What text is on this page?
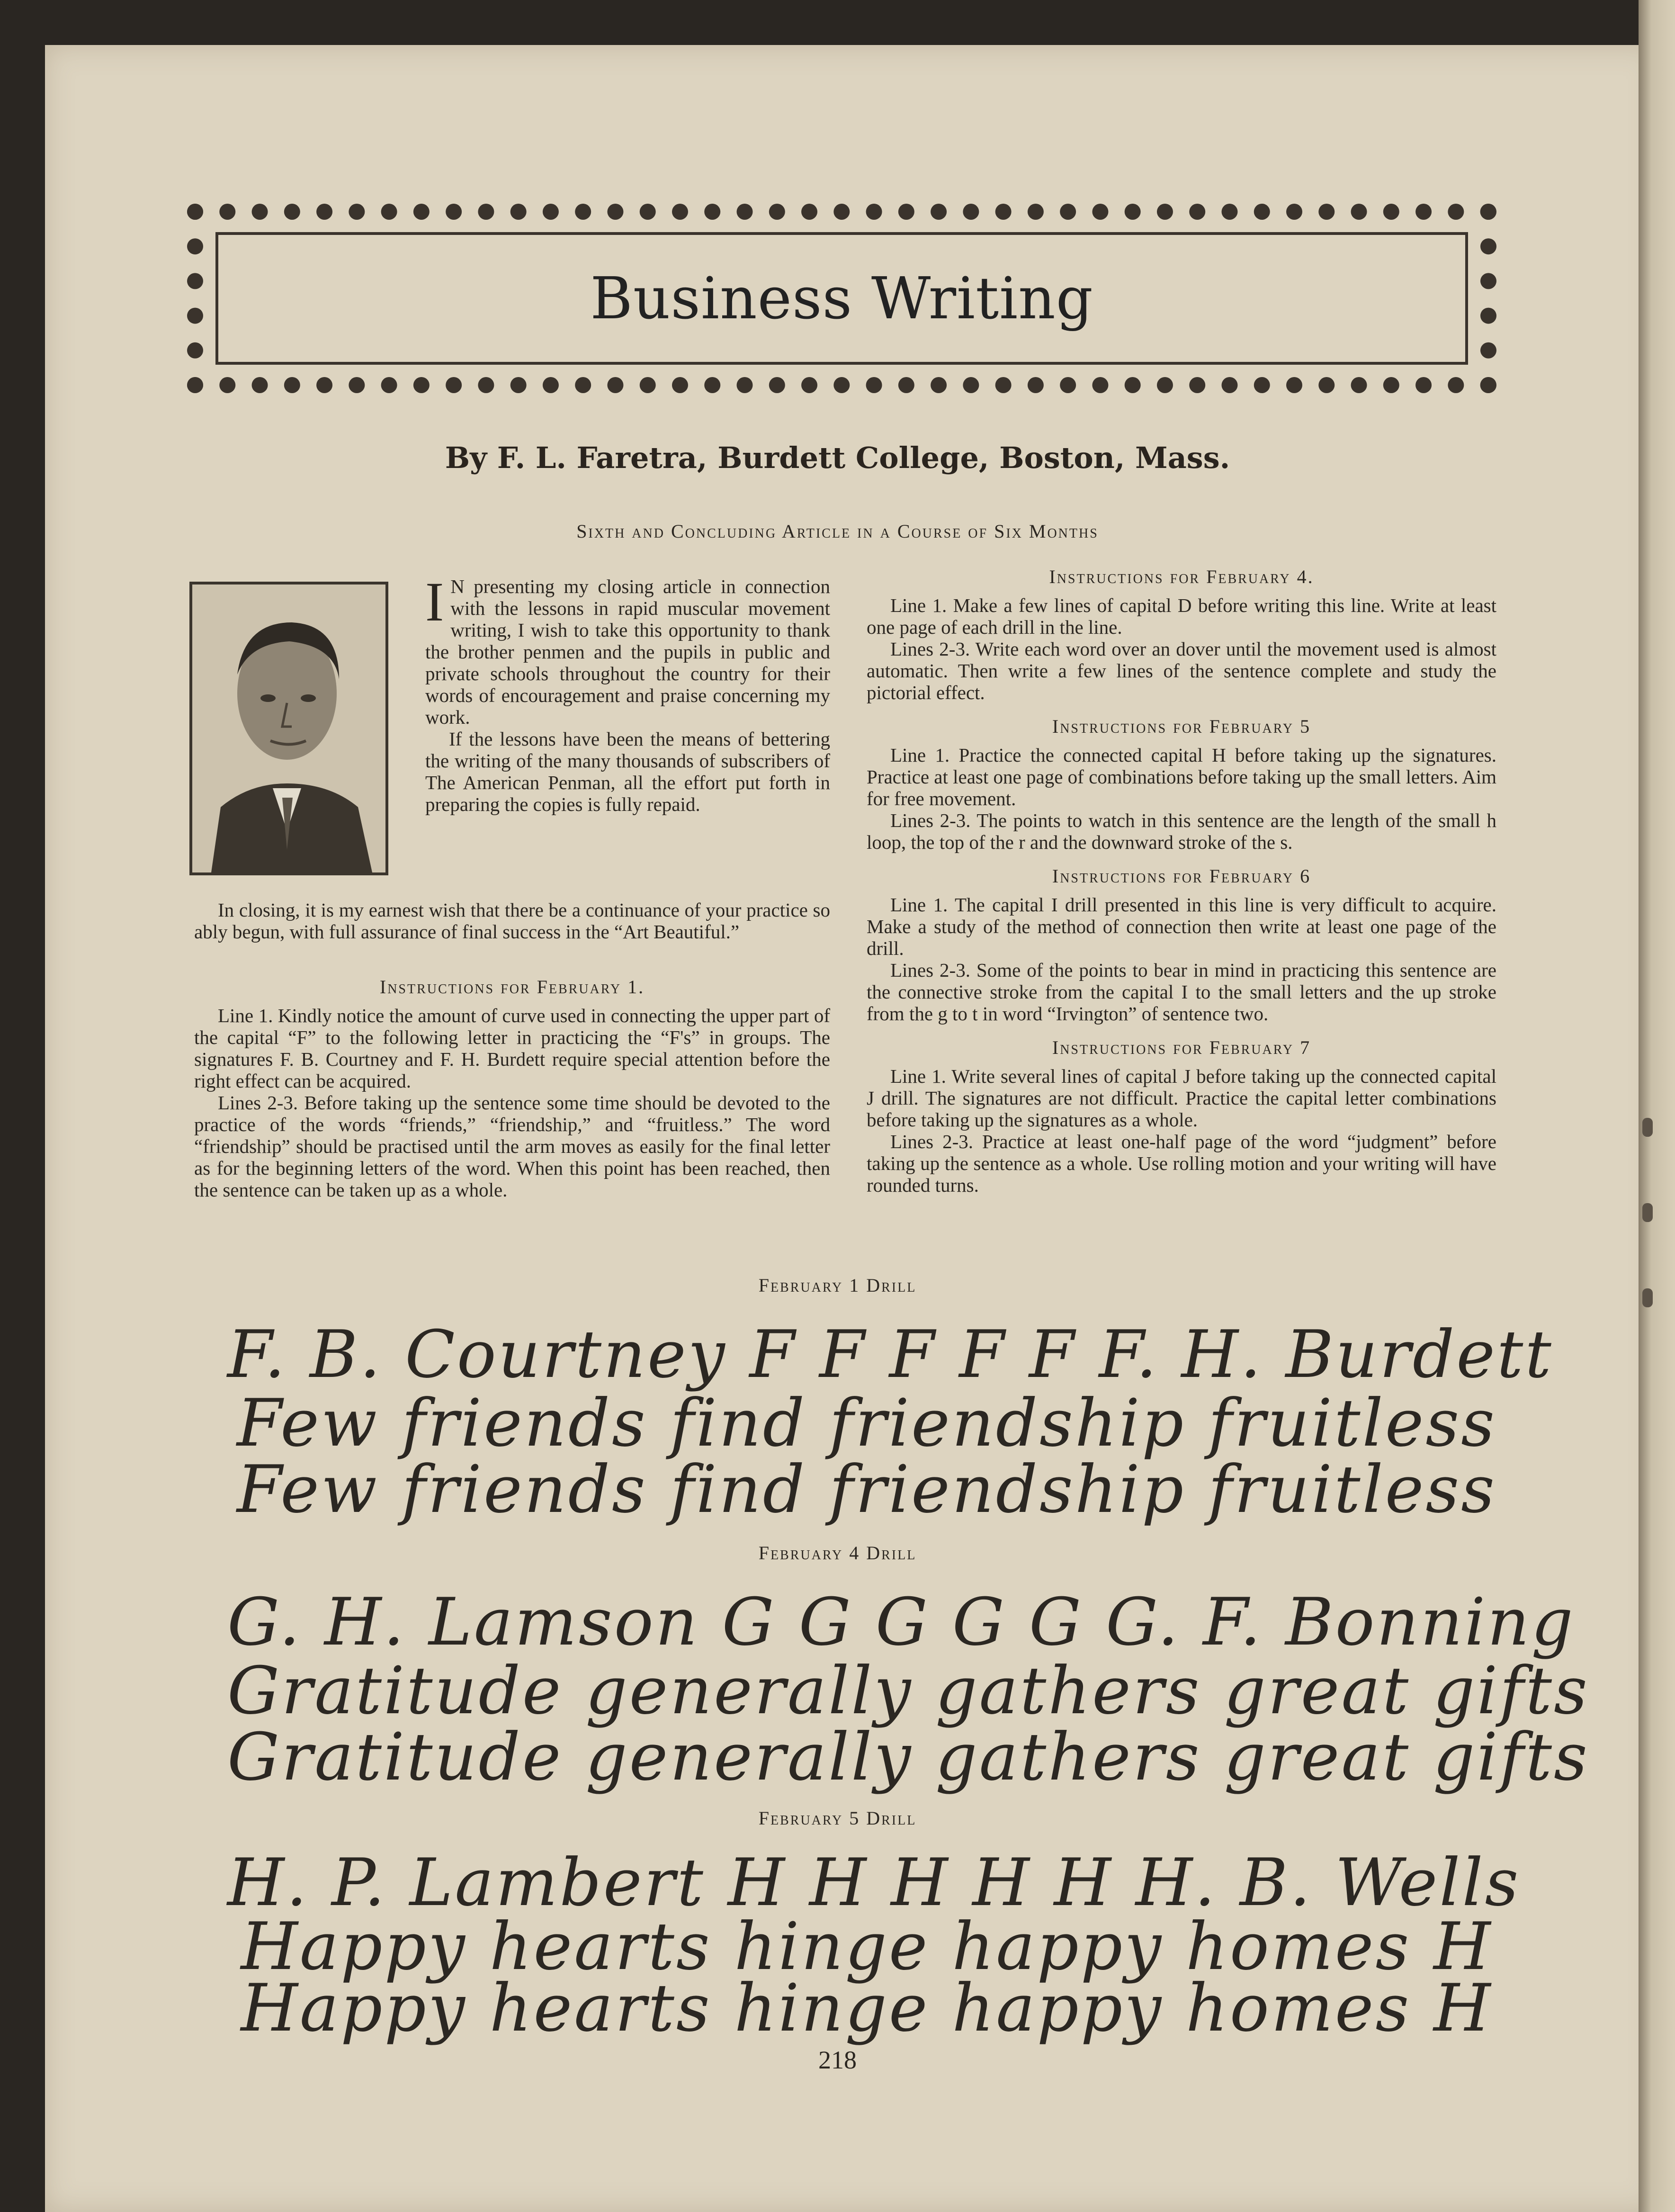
Business Writing
By F. L. Faretra, Burdett College, Boston, Mass.
Sixth and Concluding Article in a Course of Six Months
I N presenting my closing article in connection with the lessons in rapid muscular movement writing, I wish to take this opportunity to thank the brother penmen and the pupils in public and private schools throughout the country for their words of encouragement and praise concerning my work.

If the lessons have been the means of bettering the writing of the many thousands of subscribers of The American Penman, all the effort put forth in preparing the copies is fully repaid.

In closing, it is my earnest wish that there be a continuance of your practice so ably begun, with full assurance of final success in the “Art Beautiful.”

Instructions for February 1.

Line 1. Kindly notice the amount of curve used in connecting the upper part of the capital “F” to the following letter in practicing the “F's” in groups. The signatures F. B. Courtney and F. H. Burdett require special attention before the right effect can be acquired.

Lines 2-3. Before taking up the sentence some time should be devoted to the practice of the words “friends,” “friendship,” and “fruitless.” The word “friendship” should be practised until the arm moves as easily for the final letter as for the beginning letters of the word. When this point has been reached, then the sentence can be taken up as a whole.

Instructions for February 4.

Line 1. Make a few lines of capital D before writing this line. Write at least one page of each drill in the line.

Lines 2-3. Write each word over an dover until the movement used is almost automatic. Then write a few lines of the sentence complete and study the pictorial effect.

Instructions for February 5

Line 1. Practice the connected capital H before taking up the signatures. Practice at least one page of combinations before taking up the small letters. Aim for free movement.

Lines 2-3. The points to watch in this sentence are the length of the small h loop, the top of the r and the downward stroke of the s.

Instructions for February 6

Line 1. The capital I drill presented in this line is very difficult to acquire. Make a study of the method of connection then write at least one page of the drill.

Lines 2-3. Some of the points to bear in mind in practicing this sentence are the connective stroke from the capital I to the small letters and the up stroke from the g to t in word “Irvington” of sentence two.

Instructions for February 7

Line 1. Write several lines of capital J before taking up the connected capital J drill. The signatures are not difficult. Practice the capital letter combinations before taking up the signatures as a whole.

Lines 2-3. Practice at least one-half page of the word “judgment” before taking up the sentence as a whole. Use rolling motion and your writing will have rounded turns.

February 1 Drill
F. B. Courtney F F F F F F. H. Burdett
Few friends find friendship fruitless
Few friends find friendship fruitless
February 4 Drill
G. H. Lamson G G G G G G. F. Bonning
Gratitude generally gathers great gifts
Gratitude generally gathers great gifts
February 5 Drill
H. P. Lambert H H H H H H. B. Wells
Happy hearts hinge happy homes H
Happy hearts hinge happy homes H
218
